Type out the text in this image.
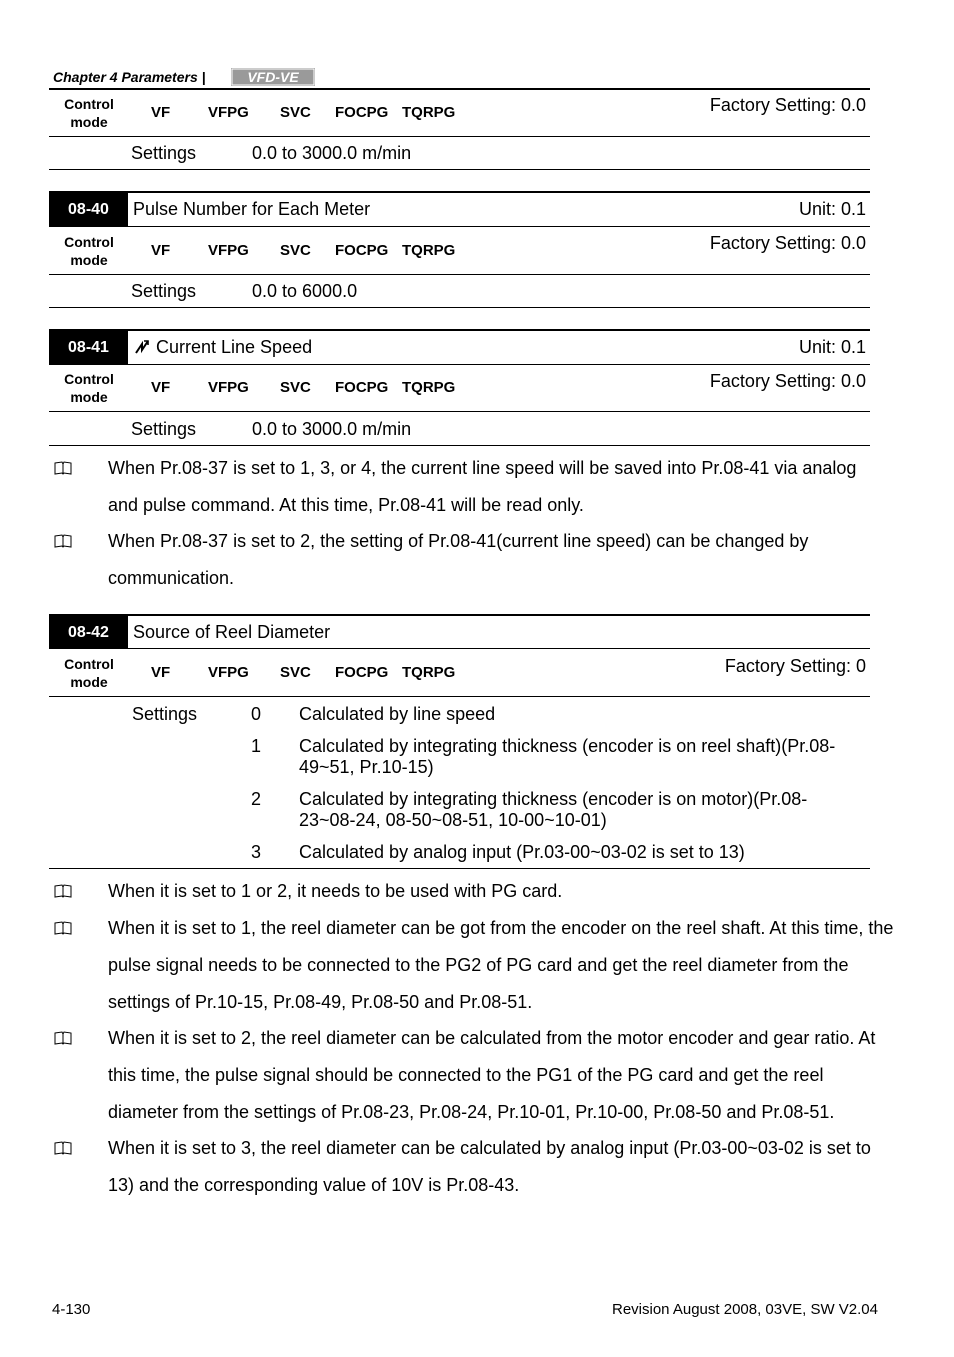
Chapter 4 Parameters |	VFD-VE
Control
mode
VF	VFPG SVC FOCPG TQRPG	Factory Setting: 0.0
Settings	0.0 to 3000.0 m/min
08-40	Pulse Number for Each Meter	Unit: 0.1
Control
mode
VF	VFPG SVC FOCPG TQRPG	Factory Setting: 0.0
Settings	0.0 to 6000.0
08-41	Current Line Speed	Unit: 0.1
Control
mode
VF	VFPG SVC FOCPG TQRPG	Factory Setting: 0.0
Settings	0.0 to 3000.0 m/min
When Pr.08-37 is set to 1, 3, or 4, the current line speed will be saved into Pr.08-41 via analog and pulse command. At this time, Pr.08-41 will be read only.
When Pr.08-37 is set to 2, the setting of Pr.08-41(current line speed) can be changed by communication.
08-42	Source of Reel Diameter
Control
mode
VF	VFPG SVC FOCPG TQRPG	Factory Setting: 0
Settings	0 Calculated by line speed
1 Calculated by integrating thickness (encoder is on reel shaft)(Pr.08-49~51, Pr.10-15)
2 Calculated by integrating thickness (encoder is on motor)(Pr.08-23~08-24, 08-50~08-51, 10-00~10-01)
3 Calculated by analog input (Pr.03-00~03-02 is set to 13)
When it is set to 1 or 2, it needs to be used with PG card.
When it is set to 1, the reel diameter can be got from the encoder on the reel shaft. At this time, the pulse signal needs to be connected to the PG2 of PG card and get the reel diameter from the settings of Pr.10-15, Pr.08-49, Pr.08-50 and Pr.08-51.
When it is set to 2, the reel diameter can be calculated from the motor encoder and gear ratio. At this time, the pulse signal should be connected to the PG1 of the PG card and get the reel diameter from the settings of Pr.08-23, Pr.08-24, Pr.10-01, Pr.10-00, Pr.08-50 and Pr.08-51.
When it is set to 3, the reel diameter can be calculated by analog input (Pr.03-00~03-02 is set to 13) and the corresponding value of 10V is Pr.08-43.
4-130	Revision August 2008, 03VE, SW V2.04
